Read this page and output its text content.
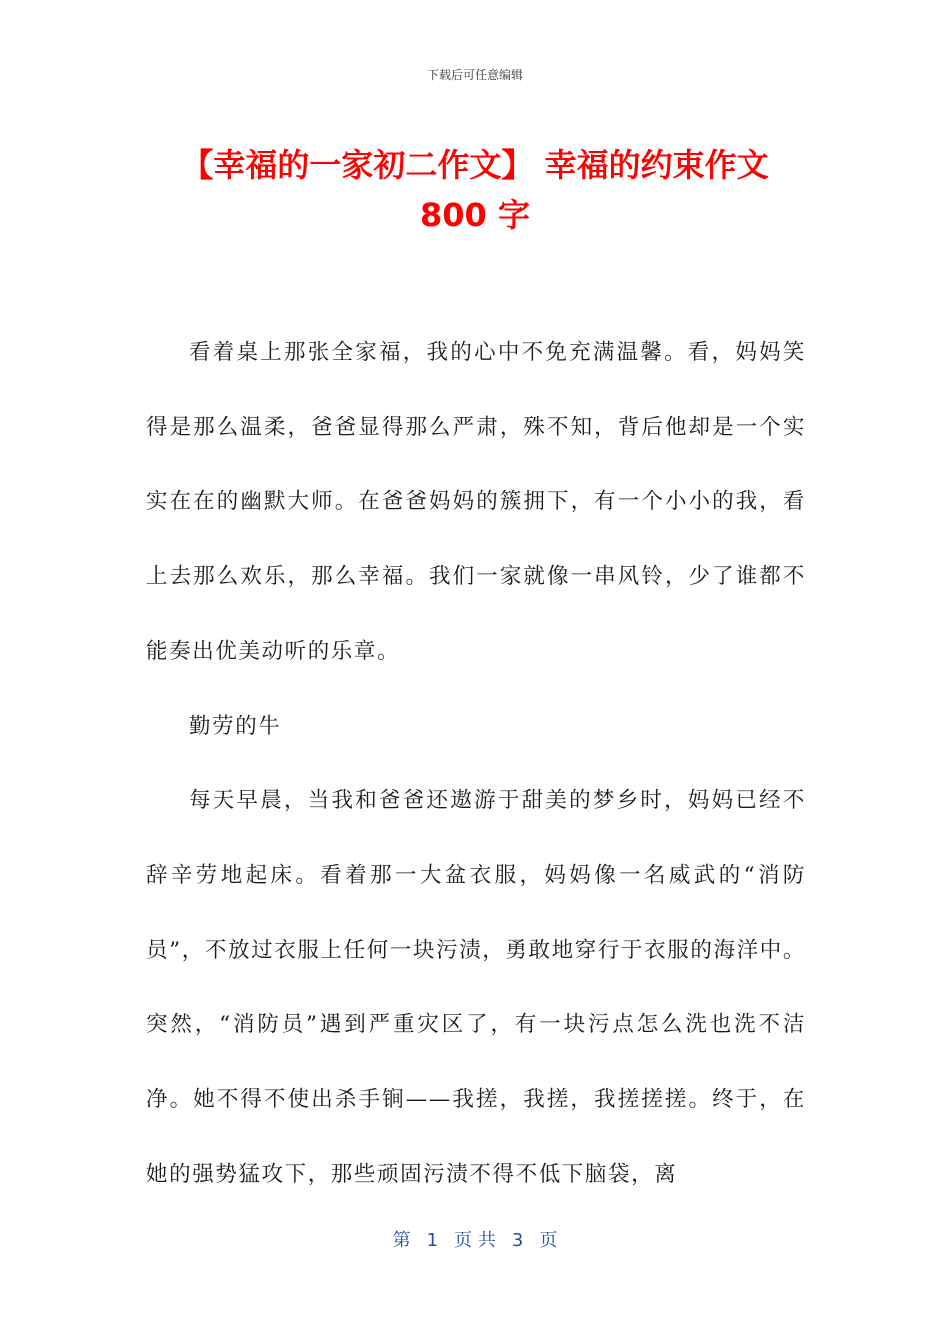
下载后可任意编辑
【幸福的一家初二作文】 幸福的约束作文
800 字

看着桌上那张全家福，我的心中不免充满温馨。看，妈妈笑得是那么温柔，爸爸显得那么严肃，殊不知，背后他却是一个实实在在的幽默大师。在爸爸妈妈的簇拥下，有一个小小的我，看上去那么欢乐，那么幸福。我们一家就像一串风铃，少了谁都不能奏出优美动听的乐章。

勤劳的牛

每天早晨，当我和爸爸还遨游于甜美的梦乡时，妈妈已经不辞辛劳地起床。看着那一大盆衣服，妈妈像一名威武的“消防员”，不放过衣服上任何一块污渍，勇敢地穿行于衣服的海洋中。突然，“消防员”遇到严重灾区了，有一块污点怎么洗也洗不洁净。她不得不使出杀手锏——我搓，我搓，我搓搓搓。终于，在她的强势猛攻下，那些顽固污渍不得不低下脑袋，离

第 1 页 共 3 页
